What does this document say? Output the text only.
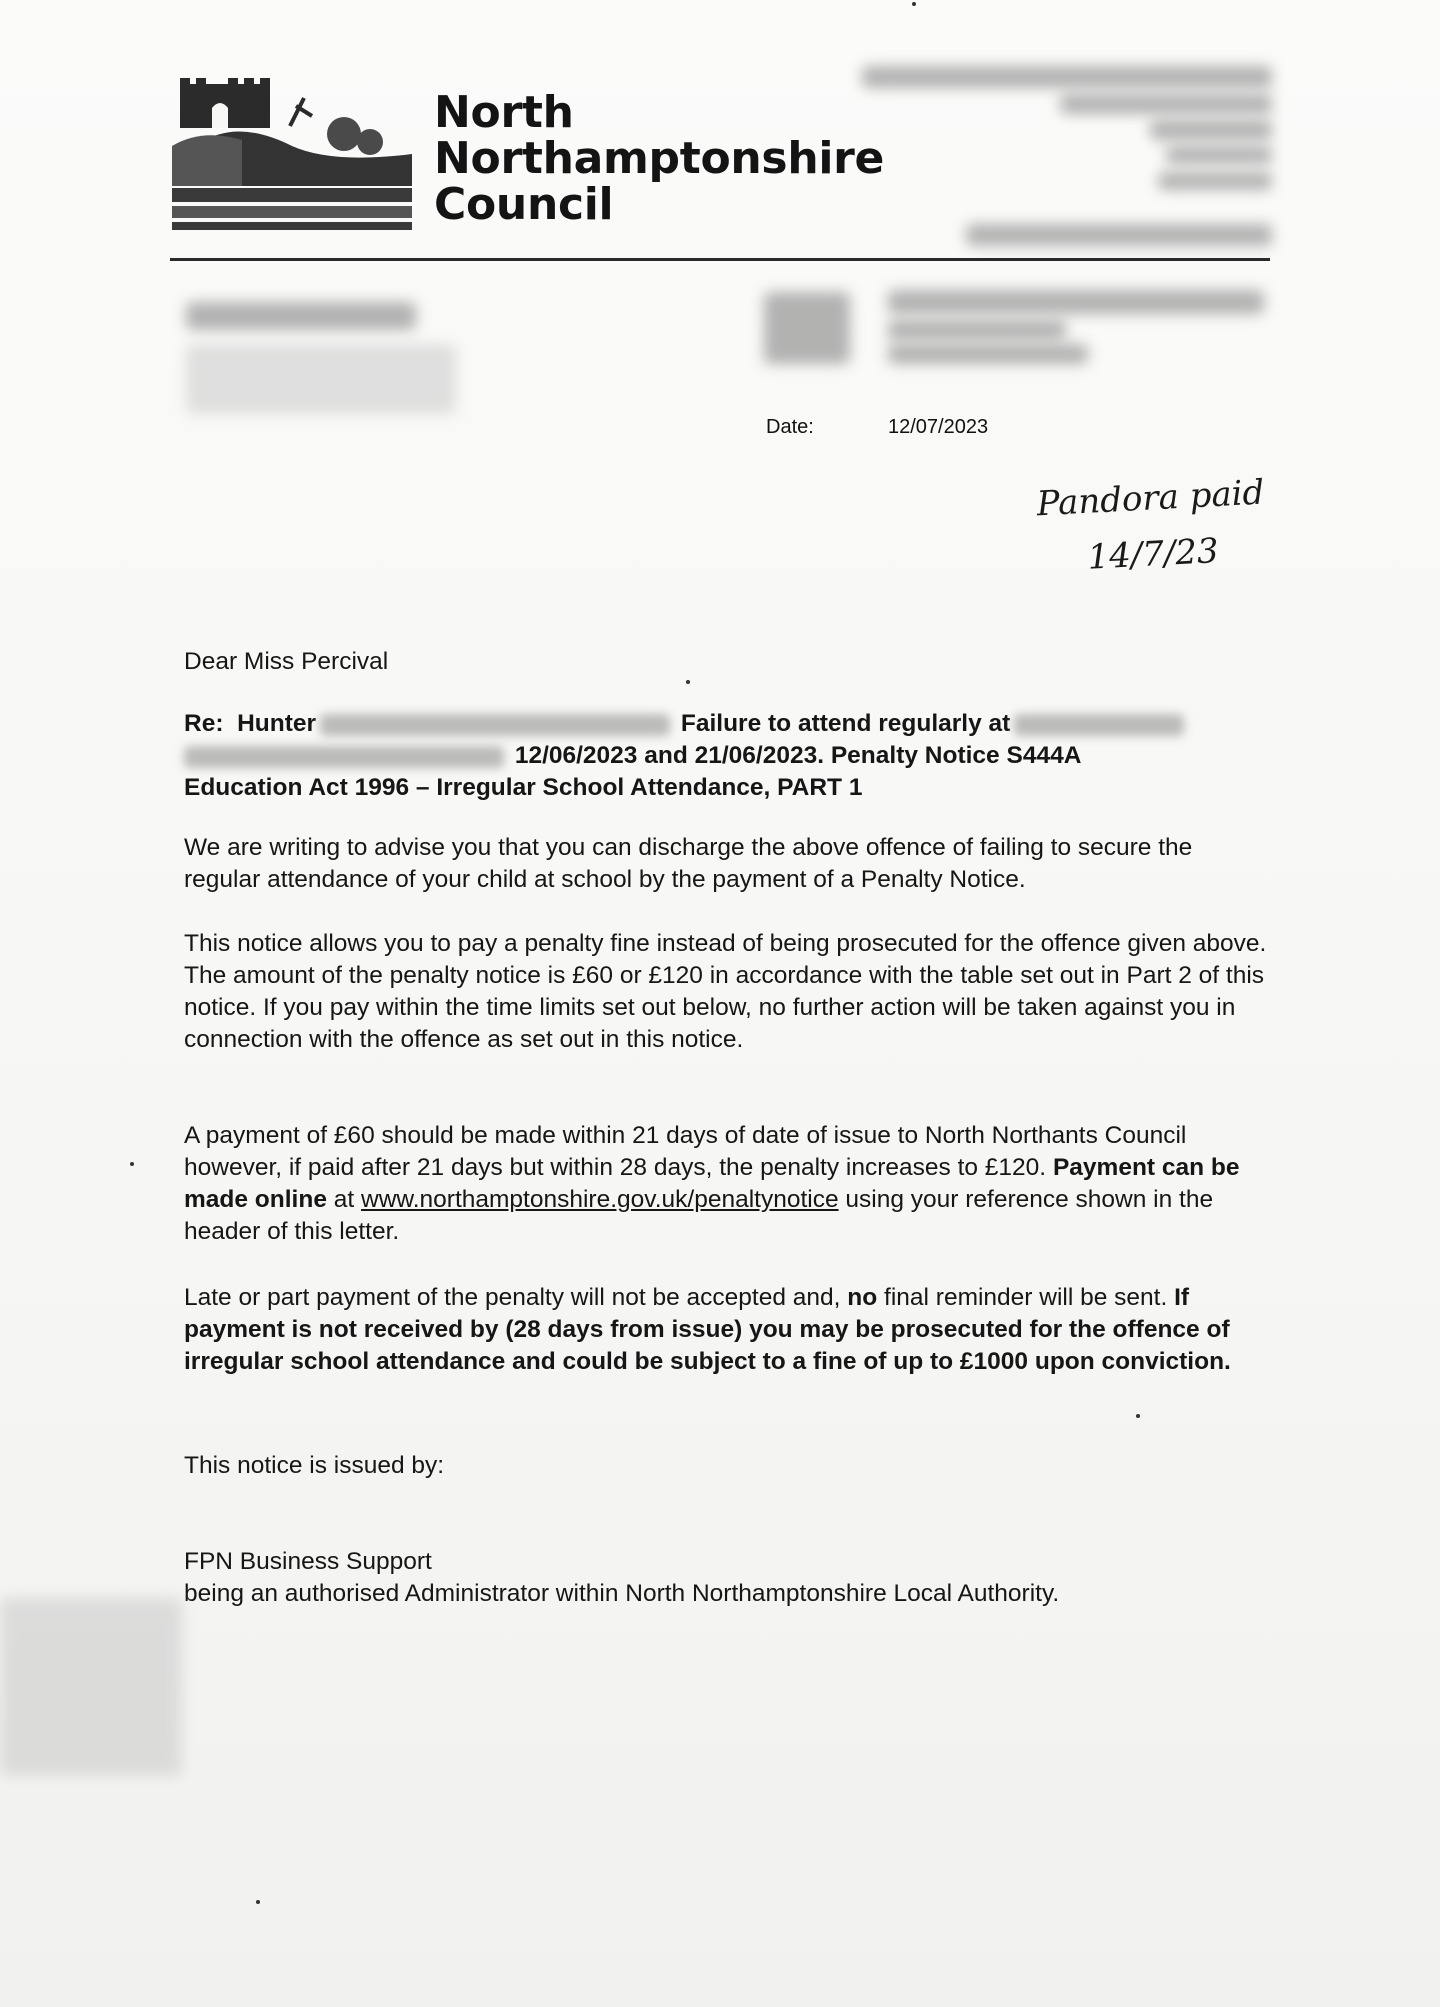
North
Northamptonshire
Council
Date:	12/07/2023
Pandora paid
14/7/23
Dear Miss Percival
Re: Hunter	Failure to attend regularly at
12/06/2023 and 21/06/2023. Penalty Notice S444A
Education Act 1996 – Irregular School Attendance, PART 1
We are writing to advise you that you can discharge the above offence of failing to secure the regular attendance of your child at school by the payment of a Penalty Notice.
This notice allows you to pay a penalty fine instead of being prosecuted for the offence given above. The amount of the penalty notice is £60 or £120 in accordance with the table set out in Part 2 of this notice. If you pay within the time limits set out below, no further action will be taken against you in connection with the offence as set out in this notice.
A payment of £60 should be made within 21 days of date of issue to North Northants Council however, if paid after 21 days but within 28 days, the penalty increases to £120. Payment can be made online at www.northamptonshire.gov.uk/penaltynotice using your reference shown in the header of this letter.
Late or part payment of the penalty will not be accepted and, no final reminder will be sent. If payment is not received by (28 days from issue) you may be prosecuted for the offence of irregular school attendance and could be subject to a fine of up to £1000 upon conviction.
This notice is issued by:
FPN Business Support
being an authorised Administrator within North Northamptonshire Local Authority.
